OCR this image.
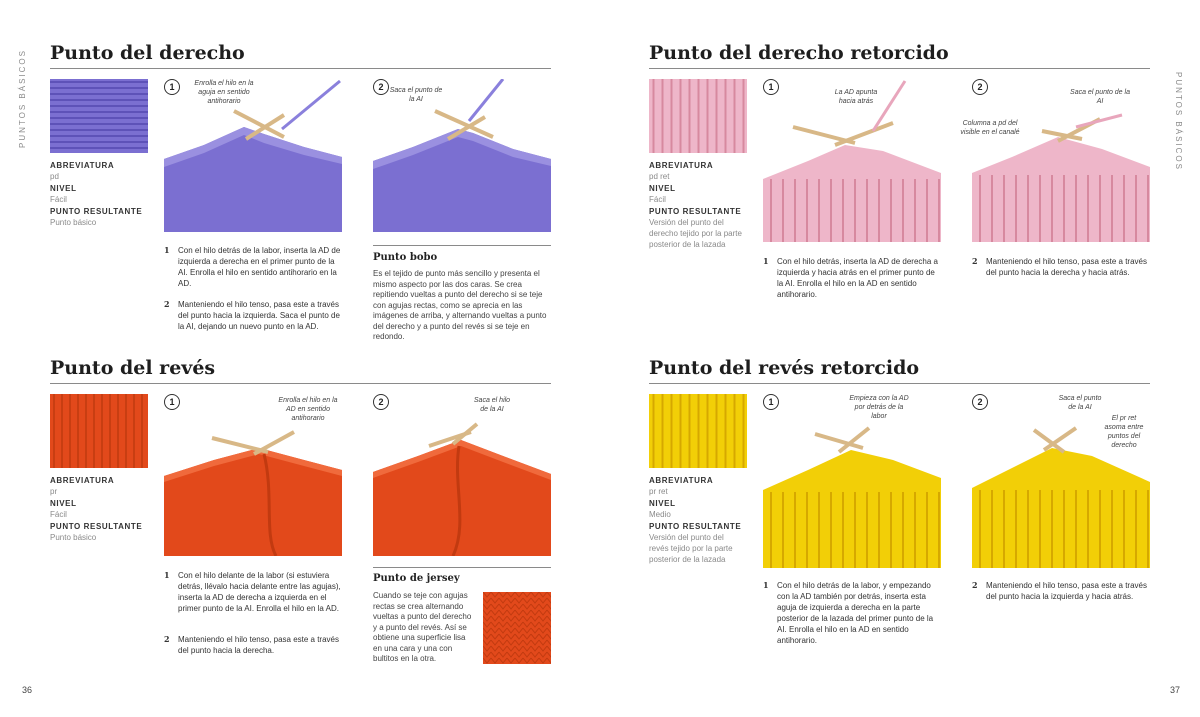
PUNTOS BÁSICOS	PUNTOS BÁSICOS
36	37
Punto del derecho
ABREVIATURA
pd
NIVEL
Fácil
PUNTO RESULTANTE
Punto básico
1	Enrolla el hilo en la aguja en sentido antihorario
2 Saca el punto de la AI
1 Con el hilo detrás de la labor, inserta la AD de izquierda a derecha en el primer punto de la AI. Enrolla el hilo en sentido antihorario en la AD.
2 Manteniendo el hilo tenso, pasa este a través del punto hacia la izquierda. Saca el punto de la AI, dejando un nuevo punto en la AD.
Punto bobo
Es el tejido de punto más sencillo y presenta el mismo aspecto por las dos caras. Se crea repitiendo vueltas a punto del derecho si se teje con agujas rectas, como se aprecia en las imágenes de arriba, y alternando vueltas a punto del derecho y a punto del revés si se teje en redondo.
Punto del revés
ABREVIATURA
pr
NIVEL
Fácil
PUNTO RESULTANTE
Punto básico
1	Enrolla el hilo en la AD en sentido antihorario
2	Saca el hilo de la AI
1 Con el hilo delante de la labor (si estuviera detrás, llévalo hacia delante entre las agujas), inserta la AD de derecha a izquierda en el primer punto de la AI. Enrolla el hilo en la AD.
2 Manteniendo el hilo tenso, pasa este a través del punto hacia la derecha.
Punto de jersey
Cuando se teje con agujas rectas se crea alternando vueltas a punto del derecho y a punto del revés. Así se obtiene una superficie lisa en una cara y una con bultitos en la otra.
Punto del derecho retorcido
ABREVIATURA
pd ret
NIVEL
Fácil
PUNTO RESULTANTE
Versión del punto del derecho tejido por la parte posterior de la lazada
1
La AD apunta hacia atrás
2
Saca el punto de la AI
Columna a pd del visible en el canalé
1 Con el hilo detrás, inserta la AD de derecha a izquierda y hacia atrás en el primer punto de la AI. Enrolla el hilo en la AD en sentido antihorario.
2 Manteniendo el hilo tenso, pasa este a través del punto hacia la derecha y hacia atrás.
Punto del revés retorcido
ABREVIATURA
pr ret
NIVEL
Medio
PUNTO RESULTANTE
Versión del punto del revés tejido por la parte posterior de la lazada
1	Empieza con la AD por detrás de la labor
2	Saca el punto de la AI
El pr ret asoma entre puntos del derecho
1 Con el hilo detrás de la labor, y empezando con la AD también por detrás, inserta esta aguja de izquierda a derecha en la parte posterior de la lazada del primer punto de la AI. Enrolla el hilo en la AD en sentido antihorario.
2 Manteniendo el hilo tenso, pasa este a través del punto hacia la izquierda y hacia atrás.
